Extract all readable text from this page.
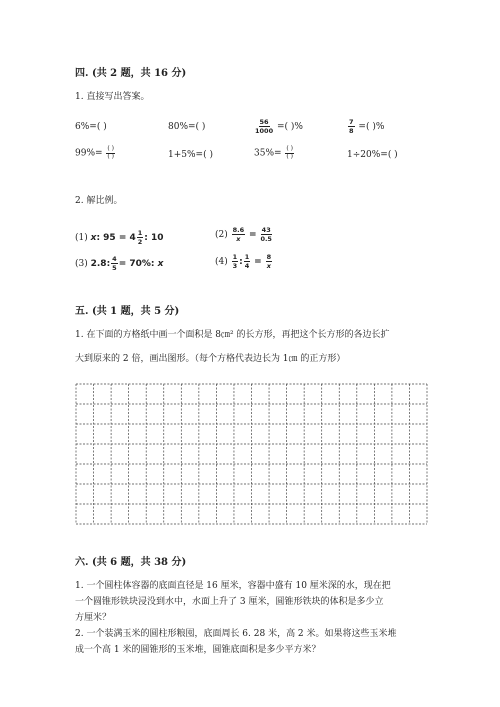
四. (共 2 题，共 16 分)
1. 直接写出答案。
6%=( )	80%=( )	$\frac{56}{1000}$ =( )%	$\frac{7}{8}$ =( )%
$99\%= \frac{( )}{( )}$	1+5%=( )	$35\%= \frac{( )}{( )}$	1÷20%=( )
2. 解比例。
(1) x: $95 = 4 \frac{1}{2}$ : 10	$(2) \frac{8.6}{x} = \frac{43}{0.5}$
(3) 2.8: $\frac{4}{5} = 70\%$: x	$(4) \frac{1}{3}$ : $\frac{1}{4} = \frac{8}{x}$
五. (共 1 题，共 5 分)
1. 在下面的方格纸中画一个面积是 8㎝² 的长方形，再把这个长方形的各边长扩
大到原来的 2 倍，画出图形。（每个方格代表边长为 1㎝ 的正方形）
六. (共 6 题，共 38 分)
1. 一个圆柱体容器的底面直径是 16 厘米，容器中盛有 10 厘米深的水，现在把
一个圆锥形铁块浸没到水中，水面上升了 3 厘米，圆锥形铁块的体积是多少立
方厘米？
2. 一个装满玉米的圆柱形粮囤，底面周长 6. 28 米，高 2 米。如果将这些玉米堆
成一个高 1 米的圆锥形的玉米堆，圆锥底面积是多少平方米？
